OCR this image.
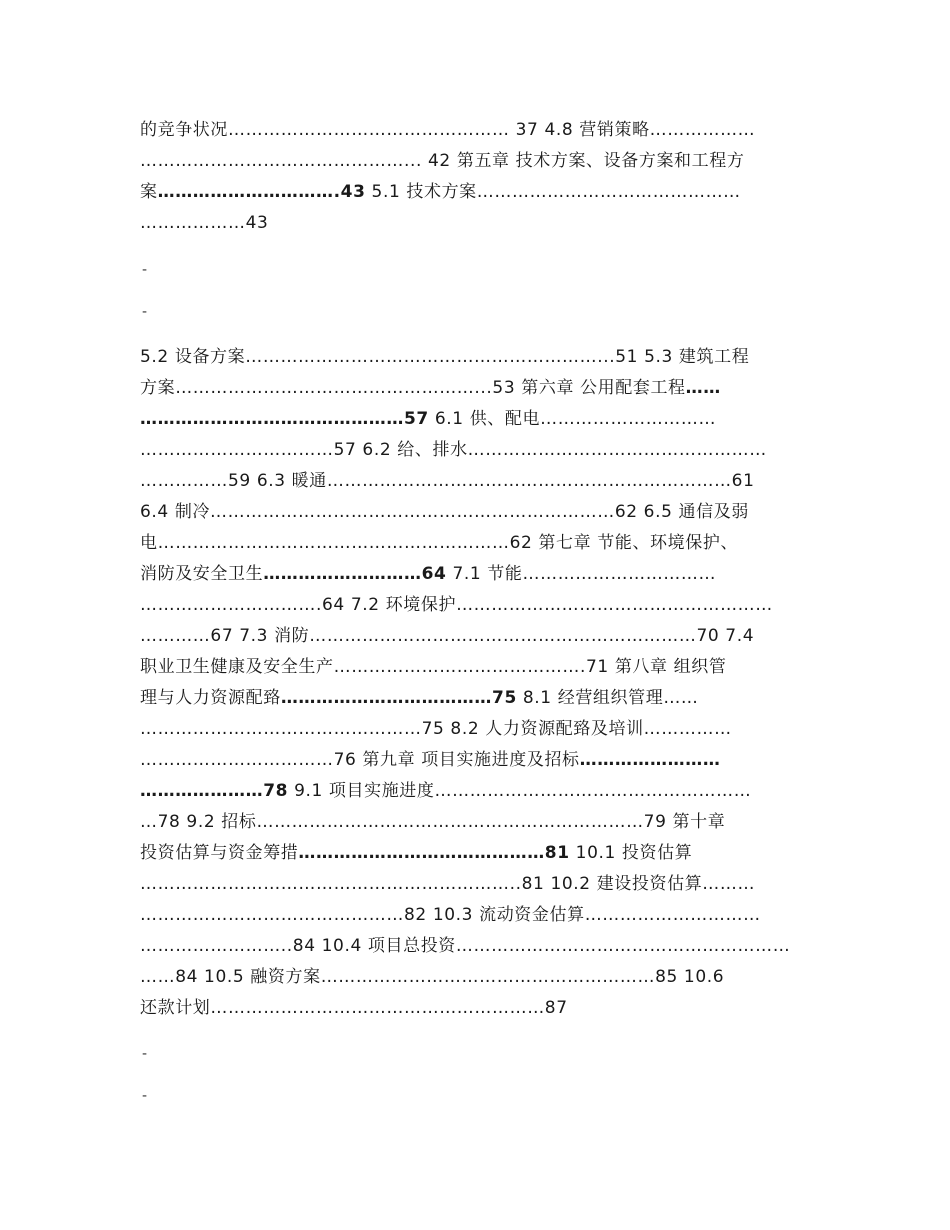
的竞争状况………………………………………… 37 4.8 营销策略………………
………………………………………... 42 第五章 技术方案、设备方案和工程方
案………………………….43 5.1 技术方案………………………………………
………………43
-
-
5.2 设备方案……………………………………………………...51 5.3 建筑工程
方案……………………………………………...53 第六章 公用配套工程……
………………………………………57 6.1 供、配电…………………………
……………………………57 6.2 给、排水……………………………………………
……………59 6.3 暖通……………………………………………………………61
6.4 制冷……………………………………………………………62 6.5 通信及弱
电……………………………………………………62 第七章 节能、环境保护、
消防及安全卫生………………………64 7.1 节能……………………………
………………………….64 7.2 环境保护………………………………………………
…………67 7.3 消防…………………………………………………………70 7.4
职业卫生健康及安全生产…………………………………….71 第八章 组织管
理与人力资源配臵………………………………75 8.1 经营组织管理……
…………………………………………75 8.2 人力资源配臵及培训……………
……………………………76 第九章 项目实施进度及招标……………………
…………………78 9.1 项目实施进度………………………………………………
…78 9.2 招标…………………………………………………………79 第十章
投资估算与资金筹措……………………………………81 10.1 投资估算
………………………………………………………..81 10.2 建设投资估算………
………………………………………82 10.3 流动资金估算…………………………
……………………..84 10.4 项目总投资…………………………………………………
……84 10.5 融资方案…………………………………………………85 10.6
还款计划…………………………………………………87
-
-
